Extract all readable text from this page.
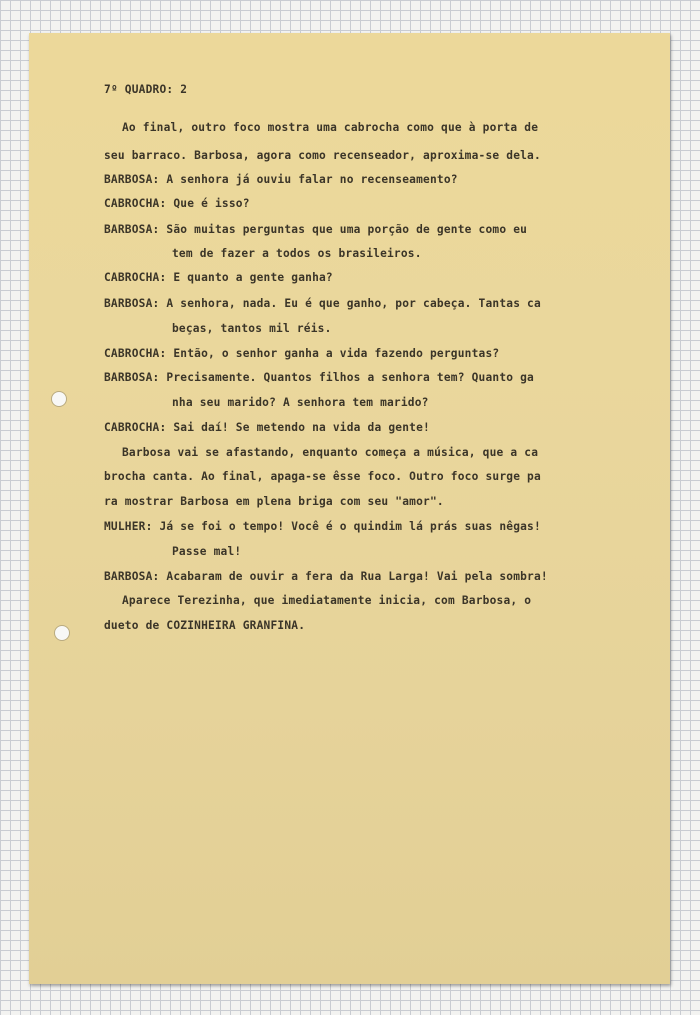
7º QUADRO: 2
Ao final, outro foco mostra uma cabrocha como que à porta de
seu barraco. Barbosa, agora como recenseador, aproxima-se dela.
BARBOSA: A senhora já ouviu falar no recenseamento?
CABROCHA: Que é isso?
BARBOSA: São muitas perguntas que uma porção de gente como eu
tem de fazer a todos os brasileiros.
CABROCHA: E quanto a gente ganha?
BARBOSA: A senhora, nada. Eu é que ganho, por cabeça. Tantas ca
beças, tantos mil réis.
CABROCHA: Então, o senhor ganha a vida fazendo perguntas?
BARBOSA: Precisamente. Quantos filhos a senhora tem? Quanto ga
nha seu marido? A senhora tem marido?
CABROCHA: Sai daí! Se metendo na vida da gente!
Barbosa vai se afastando, enquanto começa a música, que a ca
brocha canta. Ao final, apaga-se êsse foco. Outro foco surge pa
ra mostrar Barbosa em plena briga com seu "amor".
MULHER: Já se foi o tempo! Você é o quindim lá prás suas nêgas!
Passe mal!
BARBOSA: Acabaram de ouvir a fera da Rua Larga! Vai pela sombra!
Aparece Terezinha, que imediatamente inicia, com Barbosa, o
dueto de COZINHEIRA GRANFINA.
